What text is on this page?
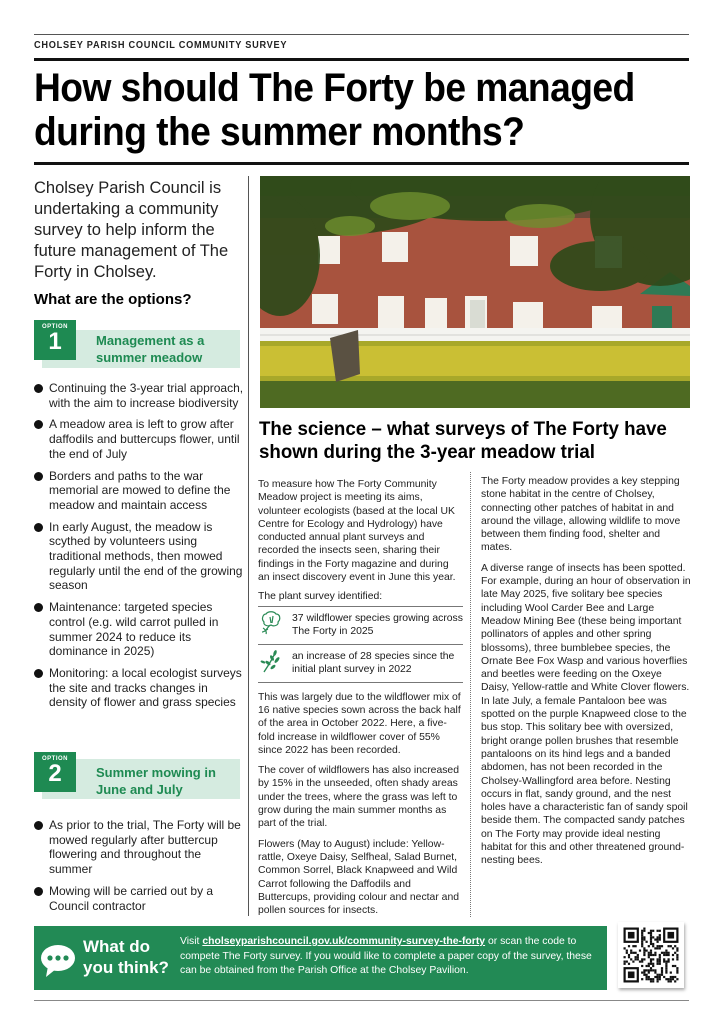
CHOLSEY PARISH COUNCIL COMMUNITY SURVEY
How should The Forty be managed during the summer months?
Cholsey Parish Council is undertaking a community survey to help inform the future management of The Forty in Cholsey.
What are the options?
OPTION
1	Management as a summer meadow
Continuing the 3-year trial approach, with the aim to increase biodiversity
A meadow area is left to grow after daffodils and buttercups flower, until the end of July
Borders and paths to the war memorial are mowed to define the meadow and maintain access
In early August, the meadow is scythed by volunteers using traditional methods, then mowed regularly until the end of the growing season
Maintenance: targeted species control (e.g. wild carrot pulled in summer 2024 to reduce its dominance in 2025)
Monitoring: a local ecologist surveys the site and tracks changes in density of flower and grass species
OPTION
2	Summer mowing in June and July
As prior to the trial, The Forty will be mowed regularly after buttercup flowering and throughout the summer
Mowing will be carried out by a Council contractor
The science – what surveys of The Forty have shown during the 3-year meadow trial

To measure how The Forty Community Meadow project is meeting its aims, volunteer ecologists (based at the local UK Centre for Ecology and Hydrology) have conducted annual plant surveys and recorded the insects seen, sharing their findings in the Forty magazine and during an insect discovery event in June this year.

The plant survey identified:
37 wildflower species growing across The Forty in 2025
an increase of 28 species since the initial plant survey in 2022

This was largely due to the wildflower mix of 16 native species sown across the back half of the area in October 2022. Here, a five-fold increase in wildflower cover of 55% since 2022 has been recorded.

The cover of wildflowers has also increased by 15% in the unseeded, often shady areas under the trees, where the grass was left to grow during the main summer months as part of the trial.

Flowers (May to August) include: Yellow-rattle, Oxeye Daisy, Selfheal, Salad Burnet, Common Sorrel, Black Knapweed and Wild Carrot following the Daffodils and Buttercups, providing colour and nectar and pollen sources for insects.

The Forty meadow provides a key stepping stone habitat in the centre of Cholsey, connecting other patches of habitat in and around the village, allowing wildlife to move between them finding food, shelter and mates.

A diverse range of insects has been spotted. For example, during an hour of observation in late May 2025, five solitary bee species including Wool Carder Bee and Large Meadow Mining Bee (these being important pollinators of apples and other spring blossoms), three bumblebee species, the Ornate Bee Fox Wasp and various hoverflies and beetles were feeding on the Oxeye Daisy, Yellow-rattle and White Clover flowers. In late July, a female Pantaloon bee was spotted on the purple Knapweed close to the bus stop. This solitary bee with oversized, bright orange pollen brushes that resemble pantaloons on its hind legs and a banded abdomen, has not been recorded in the Cholsey-Wallingford area before. Nesting occurs in flat, sandy ground, and the nest holes have a characteristic fan of sandy spoil beside them. The compacted sandy patches on The Forty may provide ideal nesting habitat for this and other threatened ground-nesting bees.

What do
you think?
Visit cholseyparishcouncil.gov.uk/community-survey-the-forty or scan the code to compete The Forty survey. If you would like to complete a paper copy of the survey, these can be obtained from the Parish Office at the Cholsey Pavilion.
